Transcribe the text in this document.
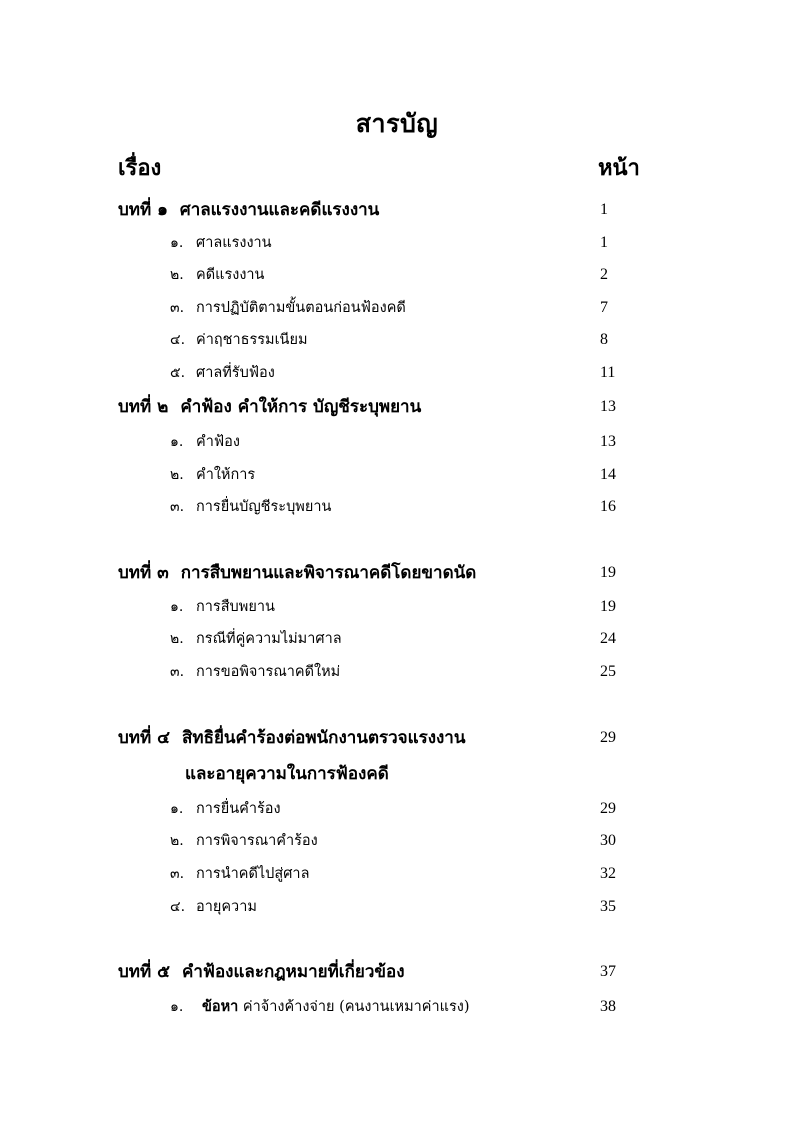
สารบัญ
เรื่อง	หน้า
บทที่ ๑ ศาลแรงงานและคดีแรงงาน	1
๑. ศาลแรงงาน	1
๒. คดีแรงงาน	2
๓. การปฏิบัติตามขั้นตอนก่อนฟ้องคดี	7
๔. ค่าฤชาธรรมเนียม	8
๕. ศาลที่รับฟ้อง	11
บทที่ ๒ คำฟ้อง คำให้การ บัญชีระบุพยาน	13
๑. คำฟ้อง	13
๒. คำให้การ	14
๓. การยื่นบัญชีระบุพยาน	16
บทที่ ๓ การสืบพยานและพิจารณาคดีโดยขาดนัด	19
๑. การสืบพยาน	19
๒. กรณีที่คู่ความไม่มาศาล	24
๓. การขอพิจารณาคดีใหม่	25
บทที่ ๔ สิทธิยื่นคำร้องต่อพนักงานตรวจแรงงาน	29
และอายุความในการฟ้องคดี
๑. การยื่นคำร้อง	29
๒. การพิจารณาคำร้อง	30
๓. การนำคดีไปสู่ศาล	32
๔. อายุความ	35
บทที่ ๕ คำฟ้องและกฎหมายที่เกี่ยวข้อง	37
๑. ข้อหา ค่าจ้างค้างจ่าย (คนงานเหมาค่าแรง)	38
